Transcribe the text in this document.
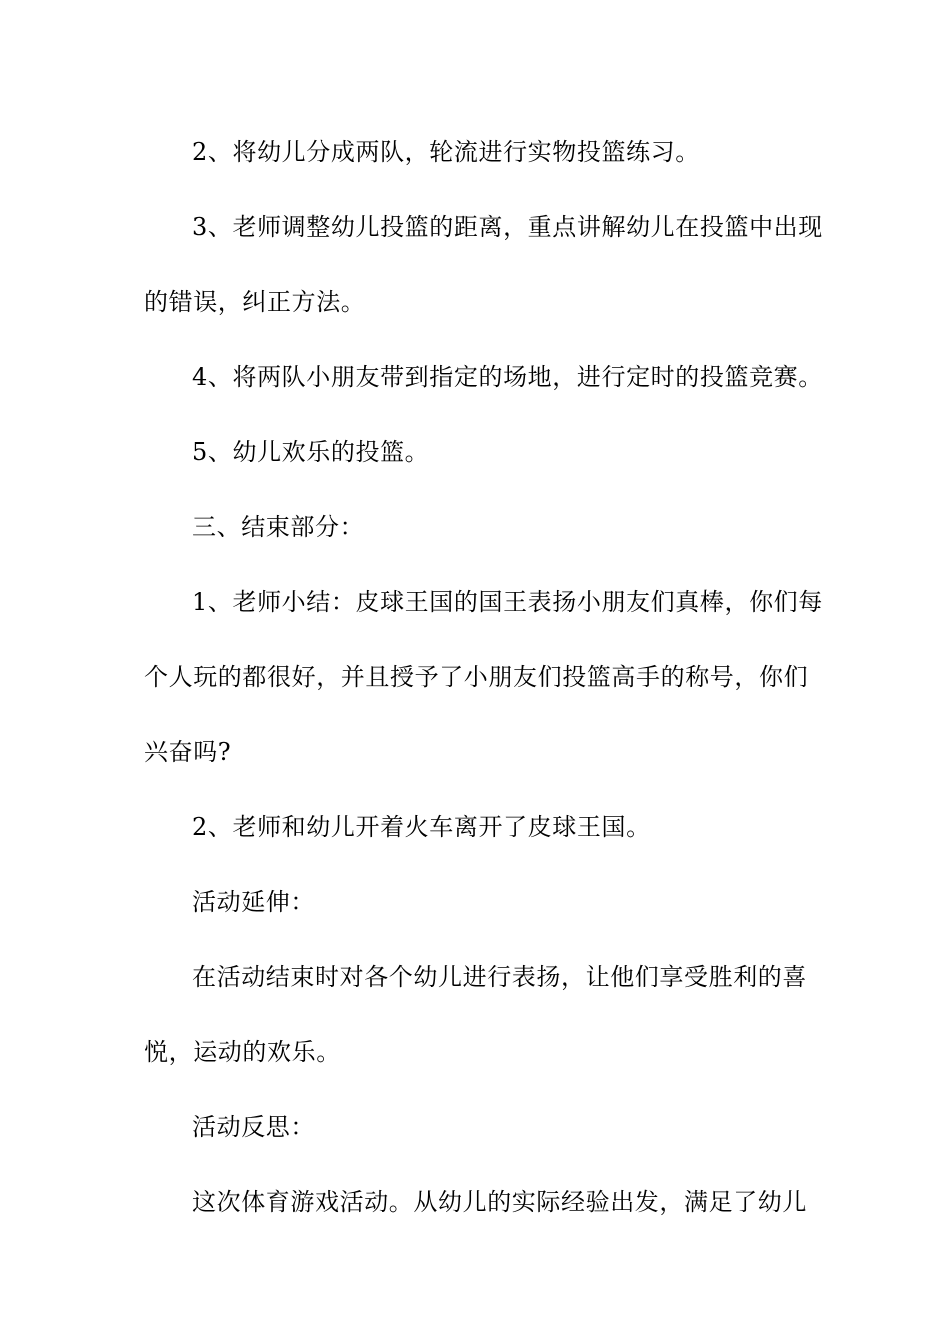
2、将幼儿分成两队，轮流进行实物投篮练习。

3、老师调整幼儿投篮的距离，重点讲解幼儿在投篮中出现

的错误，纠正方法。

4、将两队小朋友带到指定的场地，进行定时的投篮竞赛。

5、幼儿欢乐的投篮。

三、结束部分：

1、老师小结：皮球王国的国王表扬小朋友们真棒，你们每

个人玩的都很好，并且授予了小朋友们投篮高手的称号，你们

兴奋吗?

2、老师和幼儿开着火车离开了皮球王国。

活动延伸：

在活动结束时对各个幼儿进行表扬，让他们享受胜利的喜

悦，运动的欢乐。

活动反思：

这次体育游戏活动。从幼儿的实际经验出发，满足了幼儿
